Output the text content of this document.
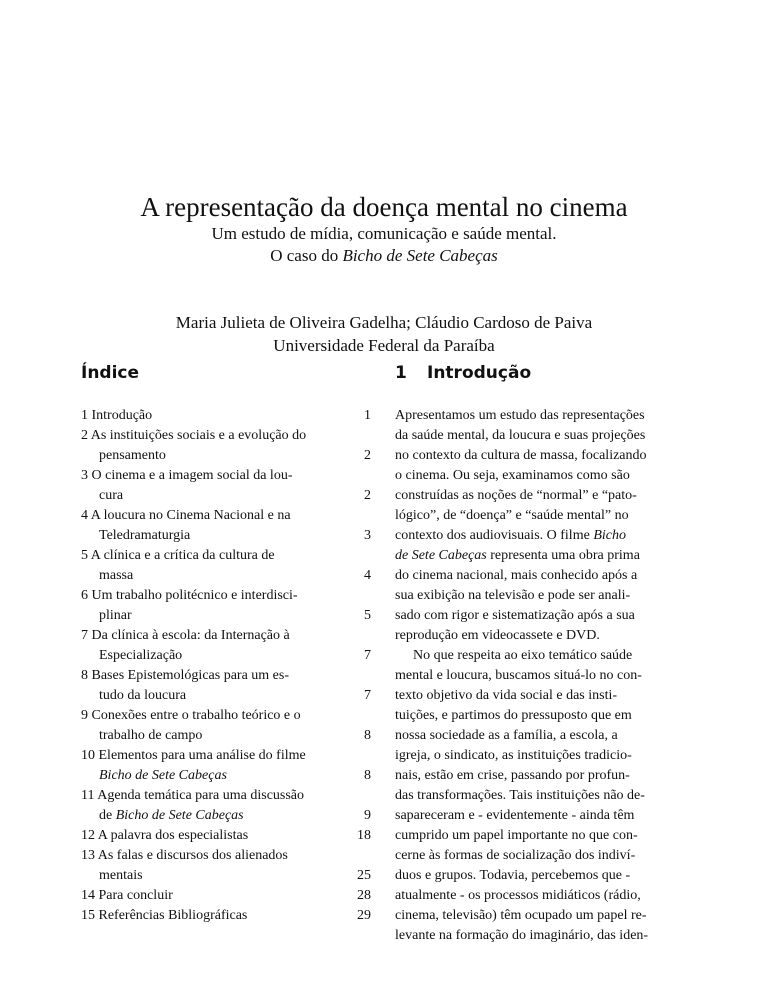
A representação da doença mental no cinema
Um estudo de mídia, comunicação e saúde mental.
O caso do Bicho de Sete Cabeças
Maria Julieta de Oliveira Gadelha; Cláudio Cardoso de Paiva
Universidade Federal da Paraíba
Índice
1 Introdução	1
2 As instituições sociais e a evolução do
pensamento	2
3 O cinema e a imagem social da lou-
cura	2
4 A loucura no Cinema Nacional e na
Teledramaturgia	3
5 A clínica e a crítica da cultura de
massa	4
6 Um trabalho politécnico e interdisci-
plinar	5
7 Da clínica à escola: da Internação à
Especialização	7
8 Bases Epistemológicas para um es-
tudo da loucura	7
9 Conexões entre o trabalho teórico e o
trabalho de campo	8
10 Elementos para uma análise do filme
Bicho de Sete Cabeças	8
11 Agenda temática para uma discussão
de Bicho de Sete Cabeças	9
12 A palavra dos especialistas	18
13 As falas e discursos dos alienados
mentais	25
14 Para concluir	28
15 Referências Bibliográficas	29
1 Introdução
Apresentamos um estudo das representações
da saúde mental, da loucura e suas projeções
no contexto da cultura de massa, focalizando
o cinema. Ou seja, examinamos como são
construídas as noções de “normal” e “pato-
lógico”, de “doença” e “saúde mental” no
contexto dos audiovisuais. O filme Bicho
de Sete Cabeças representa uma obra prima
do cinema nacional, mais conhecido após a
sua exibição na televisão e pode ser anali-
sado com rigor e sistematização após a sua
reprodução em videocassete e DVD.
No que respeita ao eixo temático saúde
mental e loucura, buscamos situá-lo no con-
texto objetivo da vida social e das insti-
tuições, e partimos do pressuposto que em
nossa sociedade as a família, a escola, a
igreja, o sindicato, as instituições tradicio-
nais, estão em crise, passando por profun-
das transformações. Tais instituições não de-
sapareceram e - evidentemente - ainda têm
cumprido um papel importante no que con-
cerne às formas de socialização dos indiví-
duos e grupos. Todavia, percebemos que -
atualmente - os processos midiáticos (rádio,
cinema, televisão) têm ocupado um papel re-
levante na formação do imaginário, das iden-
